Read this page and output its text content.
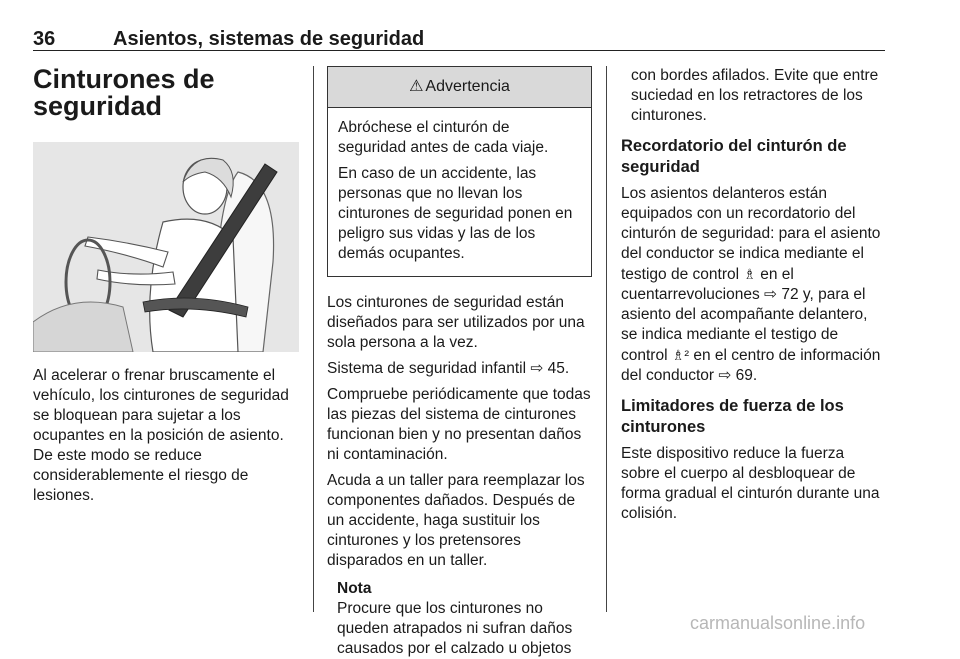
36	Asientos, sistemas de seguridad
Cinturones de
seguridad

Al acelerar o frenar bruscamente el vehículo, los cinturones de seguridad se bloquean para sujetar a los ocupantes en la posición de asiento. De este modo se reduce considerablemente el riesgo de lesiones.

⚠ Advertencia

Abróchese el cinturón de seguridad antes de cada viaje.

En caso de un accidente, las personas que no llevan los cinturones de seguridad ponen en peligro sus vidas y las de los demás ocupantes.

Los cinturones de seguridad están diseñados para ser utilizados por una sola persona a la vez.

Sistema de seguridad infantil ⇨ 45.

Compruebe periódicamente que todas las piezas del sistema de cinturones funcionan bien y no presentan daños ni contaminación.

Acuda a un taller para reemplazar los componentes dañados. Después de un accidente, haga sustituir los cinturones y los pretensores disparados en un taller.

Nota
Procure que los cinturones no queden atrapados ni sufran daños causados por el calzado u objetos

con bordes afilados. Evite que entre suciedad en los retractores de los cinturones.

Recordatorio del cinturón de seguridad

Los asientos delanteros están equipados con un recordatorio del cinturón de seguridad: para el asiento del conductor se indica mediante el testigo de control ♗ en el cuentarrevoluciones ⇨ 72 y, para el asiento del acompañante delantero, se indica mediante el testigo de control ♗² en el centro de información del conductor ⇨ 69.

Limitadores de fuerza de los cinturones

Este dispositivo reduce la fuerza sobre el cuerpo al desbloquear de forma gradual el cinturón durante una colisión.

carmanualsonline.info
